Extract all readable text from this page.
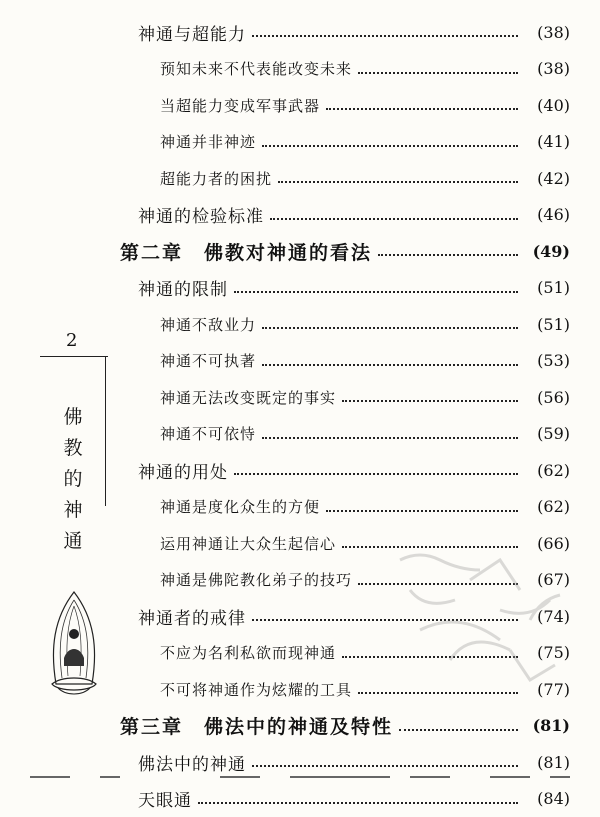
神通与超能力	(38)
预知未来不代表能改变未来	(38)
当超能力变成军事武器	(40)
神通并非神迹	(41)
超能力者的困扰	(42)
神通的检验标准	(46)
第二章　佛教对神通的看法	(49)
神通的限制	(51)
神通不敌业力	(51)
神通不可执著	(53)
神通无法改变既定的事实	(56)
神通不可依恃	(59)
神通的用处	(62)
神通是度化众生的方便	(62)
运用神通让大众生起信心	(66)
神通是佛陀教化弟子的技巧	(67)
神通者的戒律	(74)
不应为名利私欲而现神通	(75)
不可将神通作为炫耀的工具	(77)
第三章　佛法中的神通及特性	(81)
佛法中的神通	(81)
天眼通	(84)
2
佛
教
的
神
通
